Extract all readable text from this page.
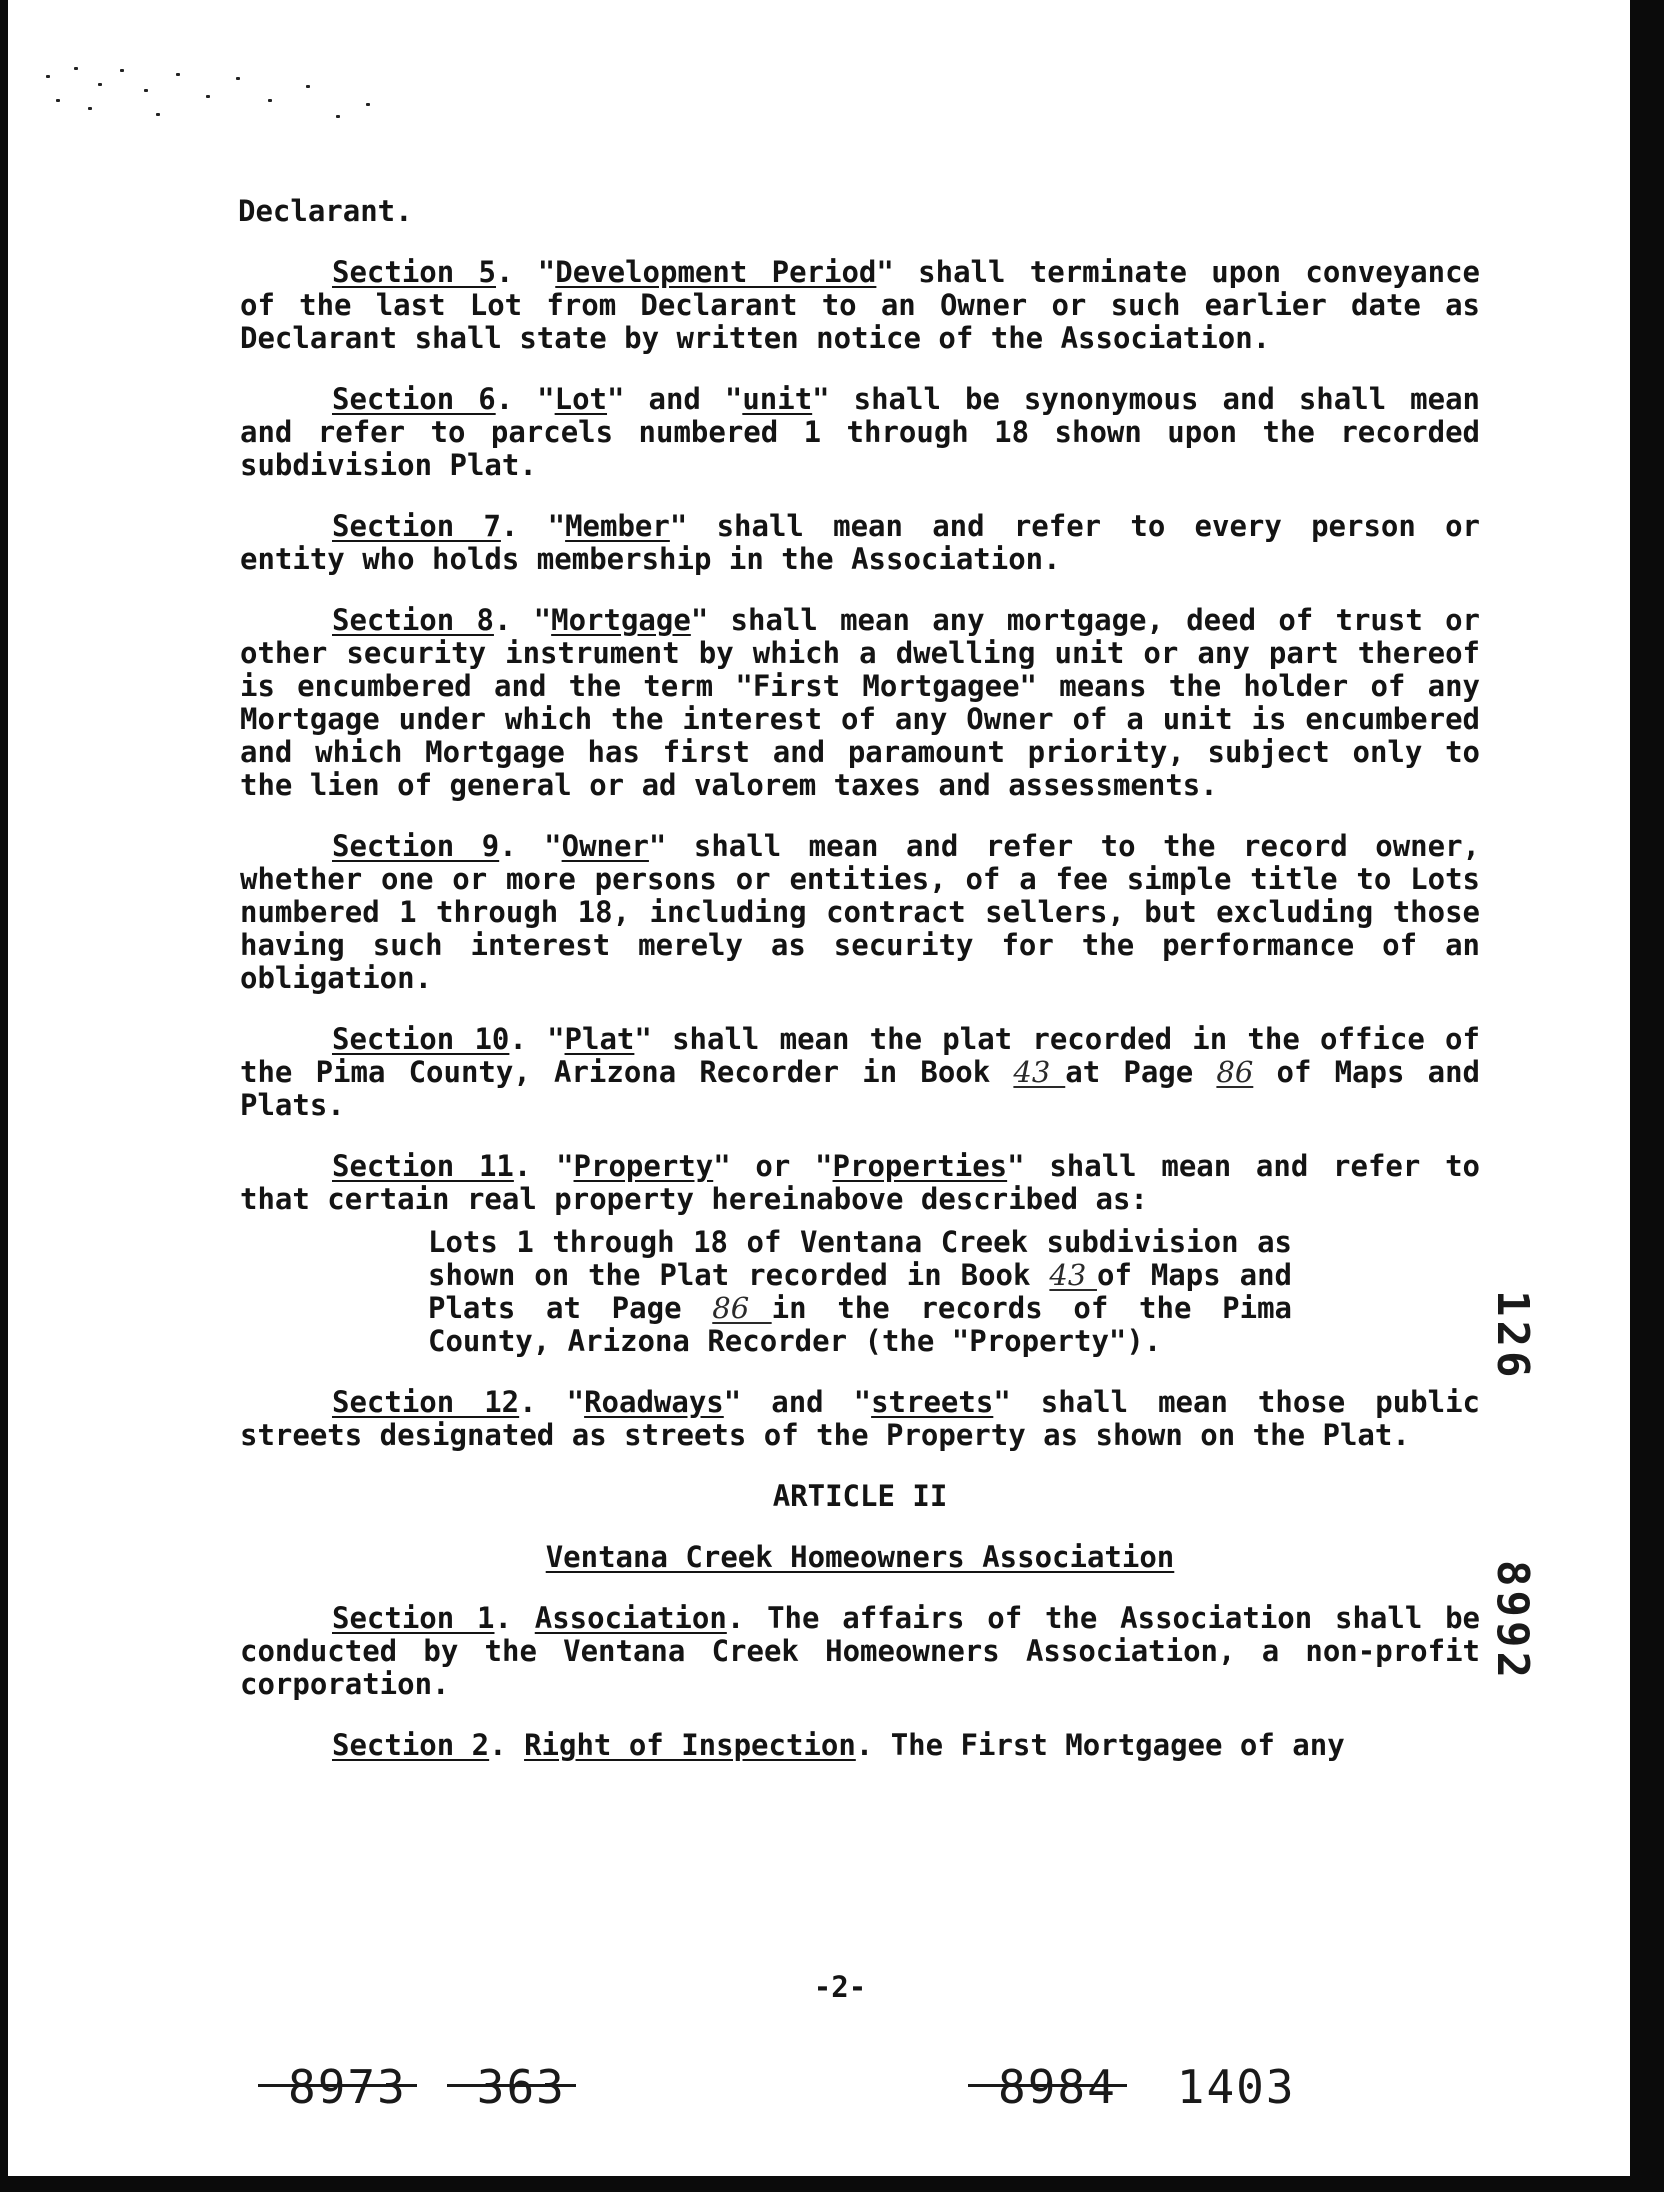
Declarant.

Section 5. "Development Period" shall terminate upon conveyance of the last Lot from Declarant to an Owner or such earlier date as Declarant shall state by written notice of the Association.

Section 6. "Lot" and "unit" shall be synonymous and shall mean and refer to parcels numbered 1 through 18 shown upon the recorded subdivision Plat.

Section 7. "Member" shall mean and refer to every person or entity who holds membership in the Association.

Section 8. "Mortgage" shall mean any mortgage, deed of trust or other security instrument by which a dwelling unit or any part thereof is encumbered and the term "First Mortgagee" means the holder of any Mortgage under which the interest of any Owner of a unit is encumbered and which Mortgage has first and paramount priority, subject only to the lien of general or ad valorem taxes and assessments.

Section 9. "Owner" shall mean and refer to the record owner, whether one or more persons or entities, of a fee simple title to Lots numbered 1 through 18, including contract sellers, but excluding those having such interest merely as security for the performance of an obligation.

Section 10. "Plat" shall mean the plat recorded in the office of the Pima County, Arizona Recorder in Book 43 at Page 86 of Maps and Plats.

Section 11. "Property" or "Properties" shall mean and refer to that certain real property hereinabove described as:

Lots 1 through 18 of Ventana Creek subdivision as shown on the Plat recorded in Book 43 of Maps and Plats at Page 86 in the records of the Pima County, Arizona Recorder (the "Property").

Section 12. "Roadways" and "streets" shall mean those public streets designated as streets of the Property as shown on the Plat.

ARTICLE II

Ventana Creek Homeowners Association

Section 1. Association. The affairs of the Association shall be conducted by the Ventana Creek Homeowners Association, a non-profit corporation.

Section 2. Right of Inspection. The First Mortgagee of any

126
8992
-2-
8973 363	8984 1403
